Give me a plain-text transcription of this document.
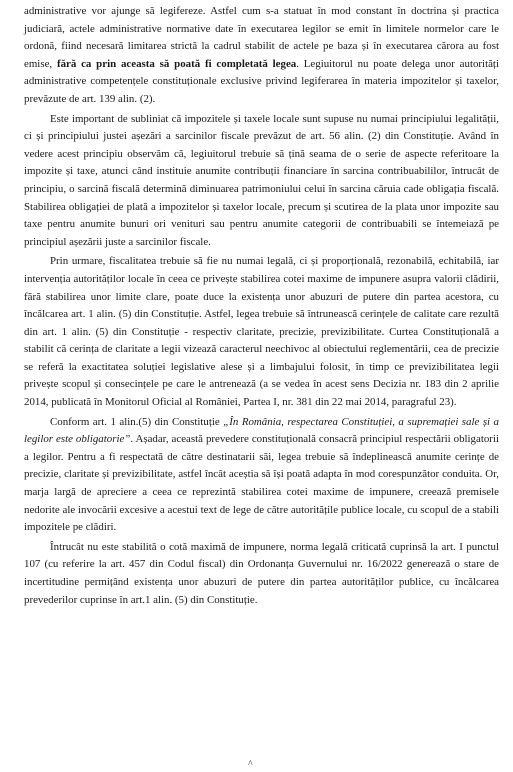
administrative vor ajunge să legifereze. Astfel cum s-a statuat în mod constant în doctrina și practica judiciară, actele administrative normative date în executarea legilor se emit în limitele normelor care le ordonă, fiind necesară limitarea strictă la cadrul stabilit de actele pe baza și în executarea cărora au fost emise, fără ca prin aceasta să poată fi completată legea. Legiuitorul nu poate delega unor autorități administrative competențele constituționale exclusive privind legiferarea în materia impozitelor și taxelor, prevăzute de art. 139 alin. (2).

Este important de subliniat că impozitele și taxele locale sunt supuse nu numai principiului legalității, ci și principiului justei așezări a sarcinilor fiscale prevăzut de art. 56 alin. (2) din Constituție. Având în vedere acest principiu observăm că, legiuitorul trebuie să țină seama de o serie de aspecte referitoare la impozite și taxe, atunci când instituie anumite contribuții financiare în sarcina contribuabililor, întrucât de principiu, o sarcină fiscală determină diminuarea patrimoniului celui în sarcina căruia cade obligația fiscală. Stabilirea obligației de plată a impozitelor și taxelor locale, precum și scutirea de la plata unor impozite sau taxe pentru anumite bunuri ori venituri sau pentru anumite categorii de contribuabili se întemeiază pe principiul așezării juste a sarcinilor fiscale.

Prin urmare, fiscalitatea trebuie să fie nu numai legală, ci și proporțională, rezonabilă, echitabilă, iar intervenția autorităților locale în ceea ce privește stabilirea cotei maxime de impunere asupra valorii clădirii, fără stabilirea unor limite clare, poate duce la existența unor abuzuri de putere din partea acestora, cu încălcarea art. 1 alin. (5) din Constituție. Astfel, legea trebuie să întrunească cerințele de calitate care rezultă din art. 1 alin. (5) din Constituție - respectiv claritate, precizie, previzibilitate. Curtea Constituțională a stabilit că cerința de claritate a legii vizează caracterul neechivoc al obiectului reglementării, cea de precizie se referă la exactitatea soluției legislative alese și a limbajului folosit, în timp ce previzibilitatea legii privește scopul și consecințele pe care le antrenează (a se vedea în acest sens Decizia nr. 183 din 2 aprilie 2014, publicată în Monitorul Oficial al României, Partea I, nr. 381 din 22 mai 2014, paragraful 23).

Conform art. 1 alin.(5) din Constituție „În România, respectarea Constituției, a supremației sale și a legilor este obligatorie”. Așadar, această prevedere constituțională consacră principiul respectării obligatorii a legilor. Pentru a fi respectată de către destinatarii săi, legea trebuie să îndeplinească anumite cerințe de precizie, claritate și previzibilitate, astfel încât aceștia să își poată adapta în mod corespunzător conduita. Or, marja largă de apreciere a ceea ce reprezintă stabilirea cotei maxime de impunere, creează premisele nedorite ale invocării excesive a acestui text de lege de către autoritățile publice locale, cu scopul de a stabili impozitele pe clădiri.

Întrucât nu este stabilită o cotă maximă de impunere, norma legală criticată cuprinsă la art. I punctul 107 (cu referire la art. 457 din Codul fiscal) din Ordonanța Guvernului nr. 16/2022 generează o stare de incertitudine permițând existența unor abuzuri de putere din partea autorităților publice, cu încălcarea prevederilor cuprinse în art.1 alin. (5) din Constituție.

^
